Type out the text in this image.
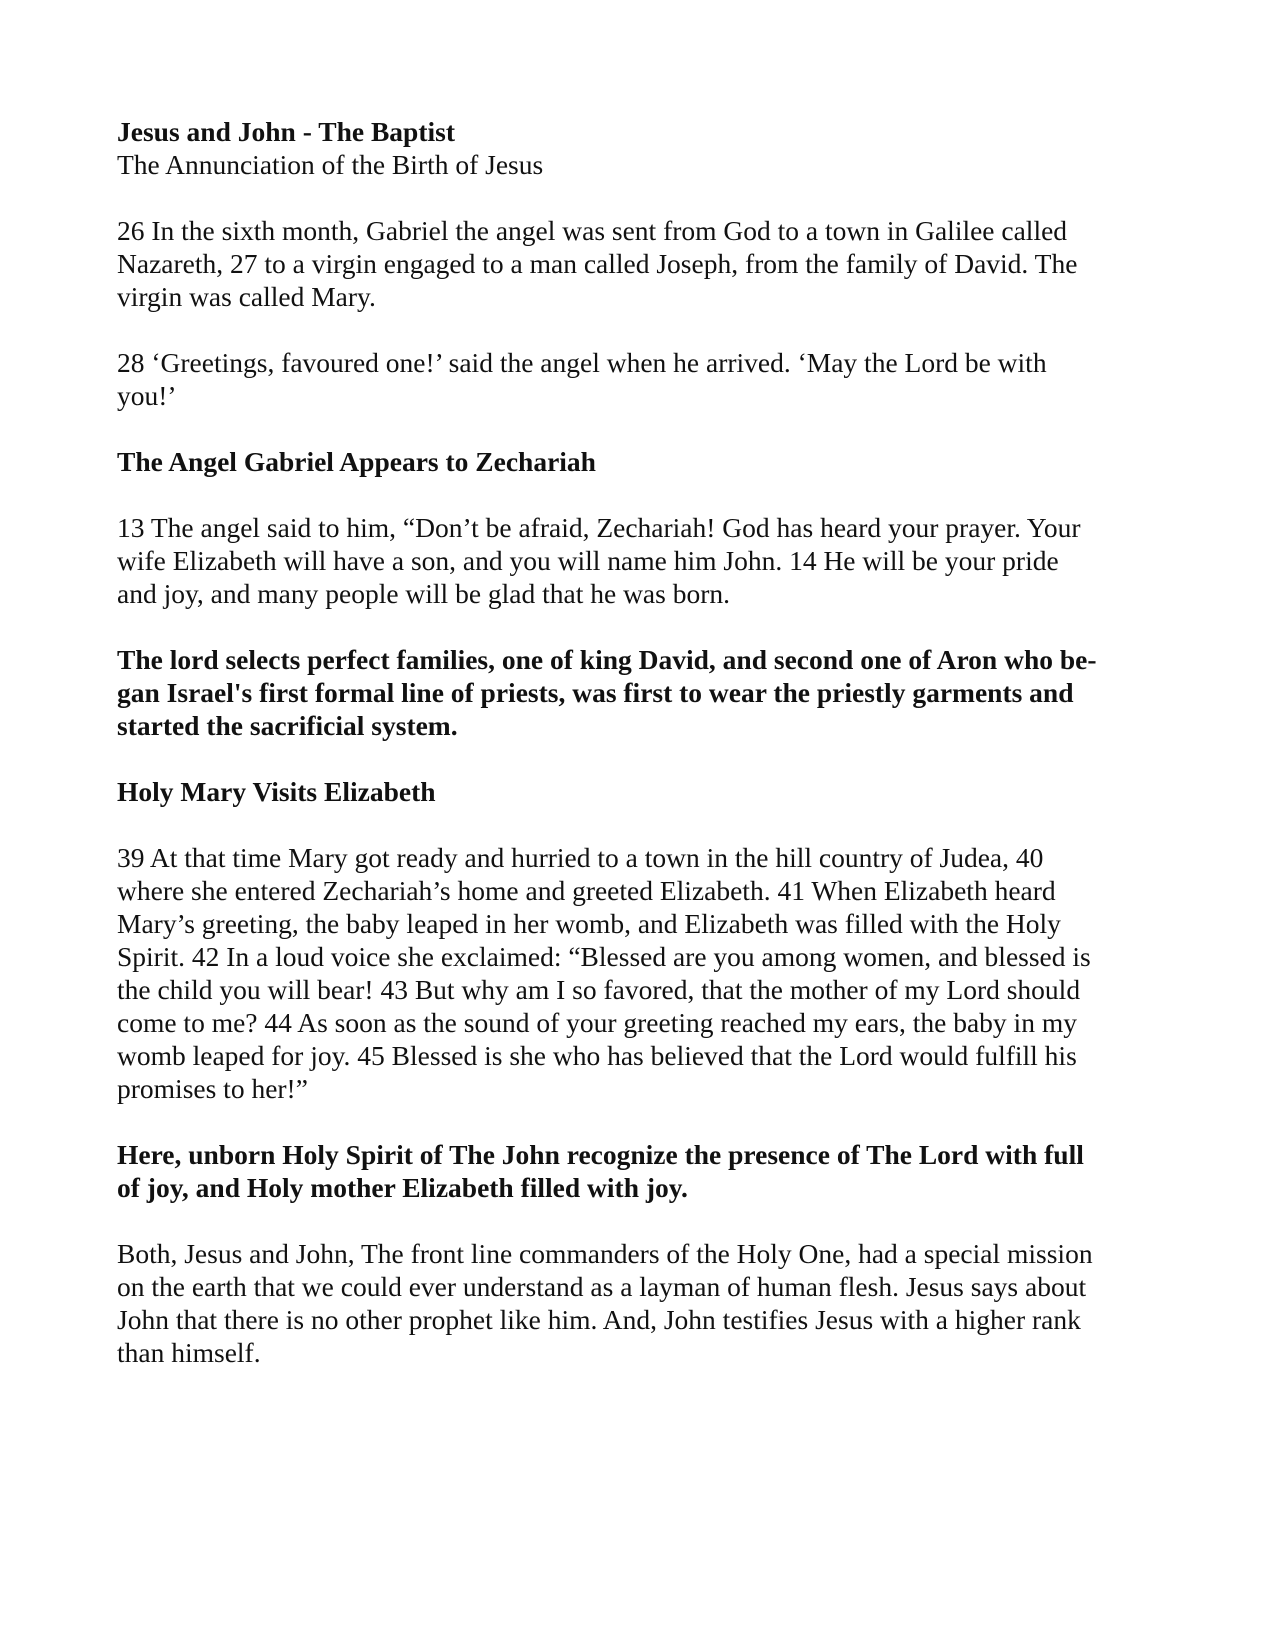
Jesus and John - The Baptist
The Annunciation of the Birth of Jesus
26 In the sixth month, Gabriel the angel was sent from God to a town in Galilee called
Nazareth, 27 to a virgin engaged to a man called Joseph, from the family of David. The
virgin was called Mary.
28 ‘Greetings, favoured one!’ said the angel when he arrived. ‘May the Lord be with
you!’
The Angel Gabriel Appears to Zechariah
13 The angel said to him, “Don’t be afraid, Zechariah! God has heard your prayer. Your
wife Elizabeth will have a son, and you will name him John. 14 He will be your pride
and joy, and many people will be glad that he was born.
The lord selects perfect families, one of king David, and second one of Aron who be-
gan Israel's first formal line of priests, was first to wear the priestly garments and
started the sacrificial system.
Holy Mary Visits Elizabeth
39 At that time Mary got ready and hurried to a town in the hill country of Judea, 40
where she entered Zechariah’s home and greeted Elizabeth. 41 When Elizabeth heard
Mary’s greeting, the baby leaped in her womb, and Elizabeth was filled with the Holy
Spirit. 42 In a loud voice she exclaimed: “Blessed are you among women, and blessed is
the child you will bear! 43 But why am I so favored, that the mother of my Lord should
come to me? 44 As soon as the sound of your greeting reached my ears, the baby in my
womb leaped for joy. 45 Blessed is she who has believed that the Lord would fulfill his
promises to her!”
Here, unborn Holy Spirit of The John recognize the presence of The Lord with full
of joy, and Holy mother Elizabeth filled with joy.
Both, Jesus and John, The front line commanders of the Holy One, had a special mission
on the earth that we could ever understand as a layman of human flesh. Jesus says about
John that there is no other prophet like him. And, John testifies Jesus with a higher rank
than himself.
